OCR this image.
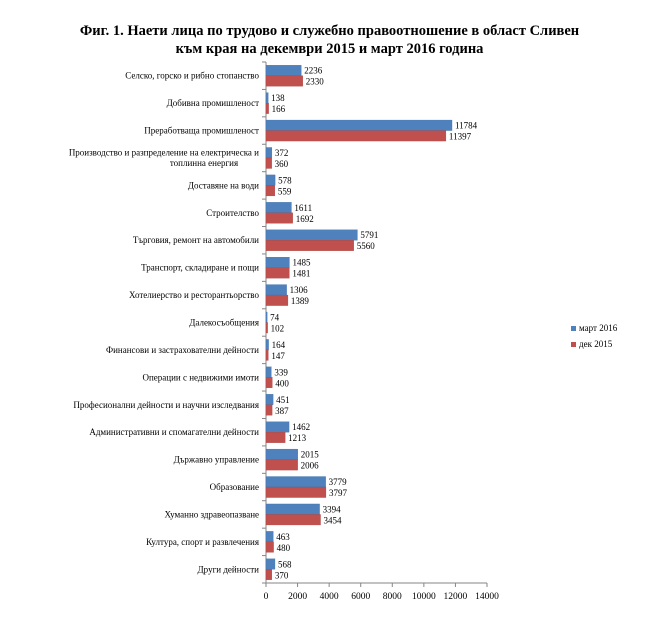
Фиг. 1. Наети лица по трудово и служебно правоотношение в област Сливен
към края на декември 2015 и март 2016 година
0 2000 4000 6000 8000 10000 12000 14000
2236
2330
Селско, горско и рибно стопанство
138
166
Добивна промишленост
11784
11397
Преработваща промишленост
372
360
Производство и разпределение на електрическа и топлинна енергия
578
559
Доставяне на води
1611
1692
Строителство
5791
5560
Търговия, ремонт на автомобили
1485
1481
Транспорт, складиране и пощи
1306
1389
Хотелиерство и ресторантьорство
74
102
Далекосъобщения
164
147
Финансови и застрахователни дейности
339
400
Операции с недвижими имоти
451
387
Професионални дейности и научни изследвания
1462
1213
Административни и спомагателни дейности
2015
2006
Държавно управление
3779
3797
Образование
3394
3454
Хуманно здравеопазване
463
480
Култура, спорт и развлечения
568
370
Други дейности
март 2016
дек 2015
